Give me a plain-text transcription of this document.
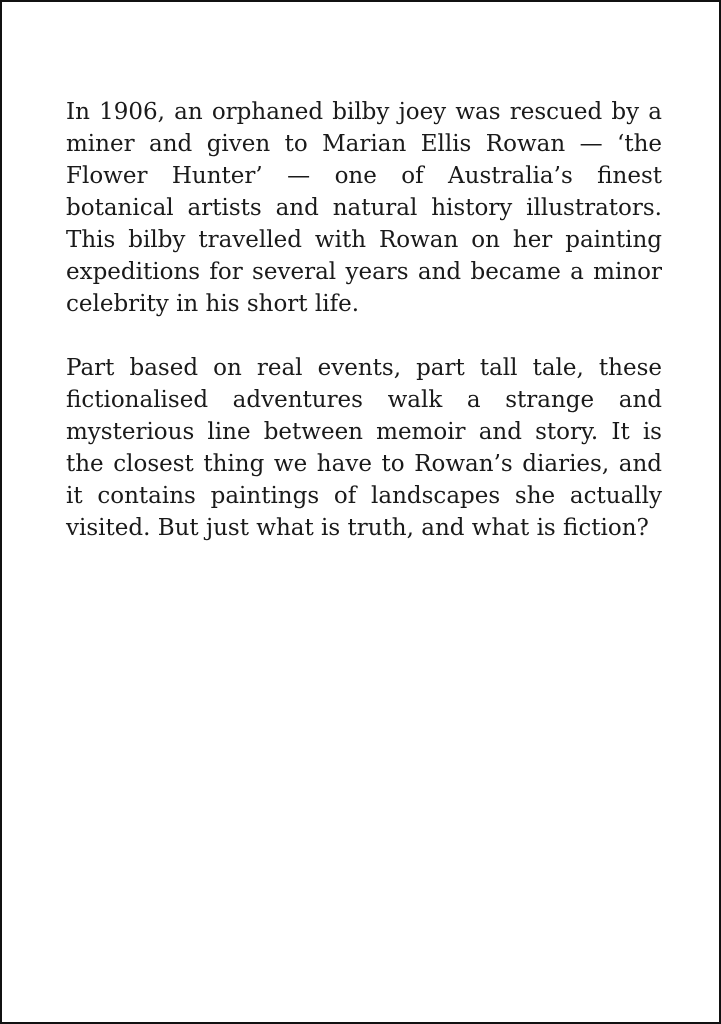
In 1906, an orphaned bilby joey was rescued by a miner and given to Marian Ellis Rowan — ‘the Flower Hunter’ — one of Australia’s finest botanical artists and natural history illustrators. This bilby travelled with Rowan on her painting expeditions for several years and became a minor celebrity in his short life.

Part based on real events, part tall tale, these fictionalised adventures walk a strange and mysterious line between memoir and story. It is the closest thing we have to Rowan’s diaries, and it contains paintings of landscapes she actually visited. But just what is truth, and what is fiction?
